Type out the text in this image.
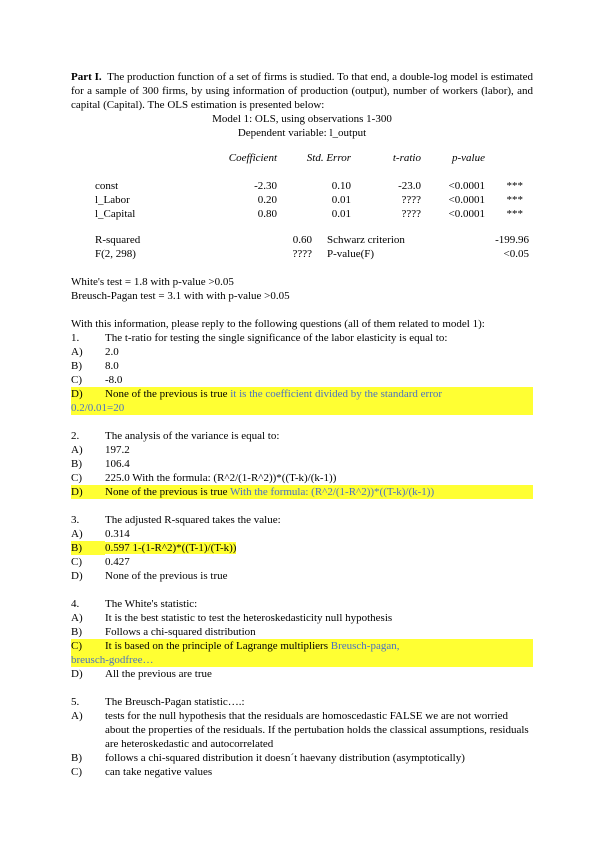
Part I. The production function of a set of firms is studied. To that end, a double-log model is estimated for a sample of 300 firms, by using information of production (output), number of workers (labor), and capital (Capital). The OLS estimation is presented below:

Model 1: OLS, using observations 1-300

Dependent variable: l_output

	Coefficient	Std. Error	t-ratio	p-value	

const	-2.30	0.10	-23.0	<0.0001	***
l_Labor	0.20	0.01	????	<0.0001	***
l_Capital	0.80	0.01	????	<0.0001	***
R-squared	0.60		Schwarz criterion	-199.96
F(2, 298)	????		P-value(F)	<0.05

White's test = 1.8 with p-value >0.05

Breusch-Pagan test = 3.1 with with p-value >0.05

With this information, please reply to the following questions (all of them related to model 1):

1.	The t-ratio for testing the single significance of the labor elasticity is equal to:
A)	2.0
B)	8.0
C)	-8.0
D)	None of the previous is true it is the coefficient divided by the standard error
0.2/0.01=20
2.	The analysis of the variance is equal to:
A)	197.2
B)	106.4
C)	225.0 With the formula: (R^2/(1-R^2))*((T-k)/(k-1))
D)	None of the previous is true With the formula: (R^2/(1-R^2))*((T-k)/(k-1))
3.	The adjusted R-squared takes the value:
A)	0.314
B)	0.597 1-(1-R^2)*((T-1)/(T-k))
C)	0.427
D)	None of the previous is true
4.	The White's statistic:
A)	It is the best statistic to test the heteroskedasticity null hypothesis
B)	Follows a chi-squared distribution
C)	It is based on the principle of Lagrange multipliers Breusch-pagan,
breusch-godfree…
D)	All the previous are true
5.	The Breusch-Pagan statistic….:
A)	tests for the null hypothesis that the residuals are homoscedastic FALSE we are not worried about the properties of the residuals. If the pertubation holds the classical assumptions, residuals are heteroskedastic and autocorrelated
B)	follows a chi-squared distribution it doesn´t haevany distribution (asymptotically)
C)	can take negative values
